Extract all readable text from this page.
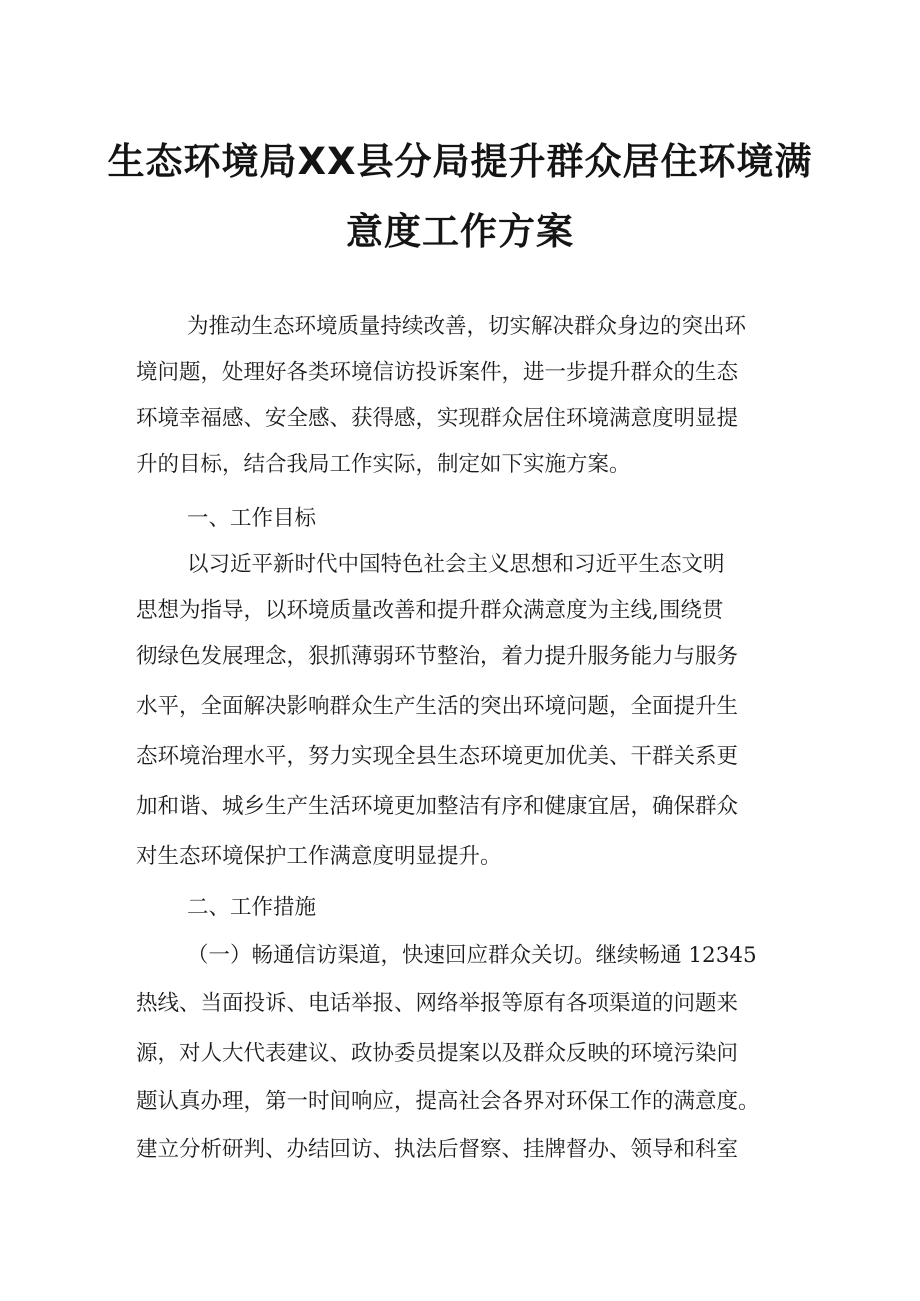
生态环境局XX县分局提升群众居住环境满
意度工作方案
为推动生态环境质量持续改善，切实解决群众身边的突出环
境问题，处理好各类环境信访投诉案件，进一步提升群众的生态
环境幸福感、安全感、获得感，实现群众居住环境满意度明显提
升的目标，结合我局工作实际，制定如下实施方案。
一、工作目标
以习近平新时代中国特色社会主义思想和习近平生态文明
思想为指导，以环境质量改善和提升群众满意度为主线,围绕贯
彻绿色发展理念，狠抓薄弱环节整治，着力提升服务能力与服务
水平，全面解决影响群众生产生活的突出环境问题，全面提升生
态环境治理水平，努力实现全县生态环境更加优美、干群关系更
加和谐、城乡生产生活环境更加整洁有序和健康宜居，确保群众
对生态环境保护工作满意度明显提升。
二、工作措施
（一）畅通信访渠道，快速回应群众关切。继续畅通 12345
热线、当面投诉、电话举报、网络举报等原有各项渠道的问题来
源，对人大代表建议、政协委员提案以及群众反映的环境污染问
题认真办理，第一时间响应，提高社会各界对环保工作的满意度。
建立分析研判、办结回访、执法后督察、挂牌督办、领导和科室
